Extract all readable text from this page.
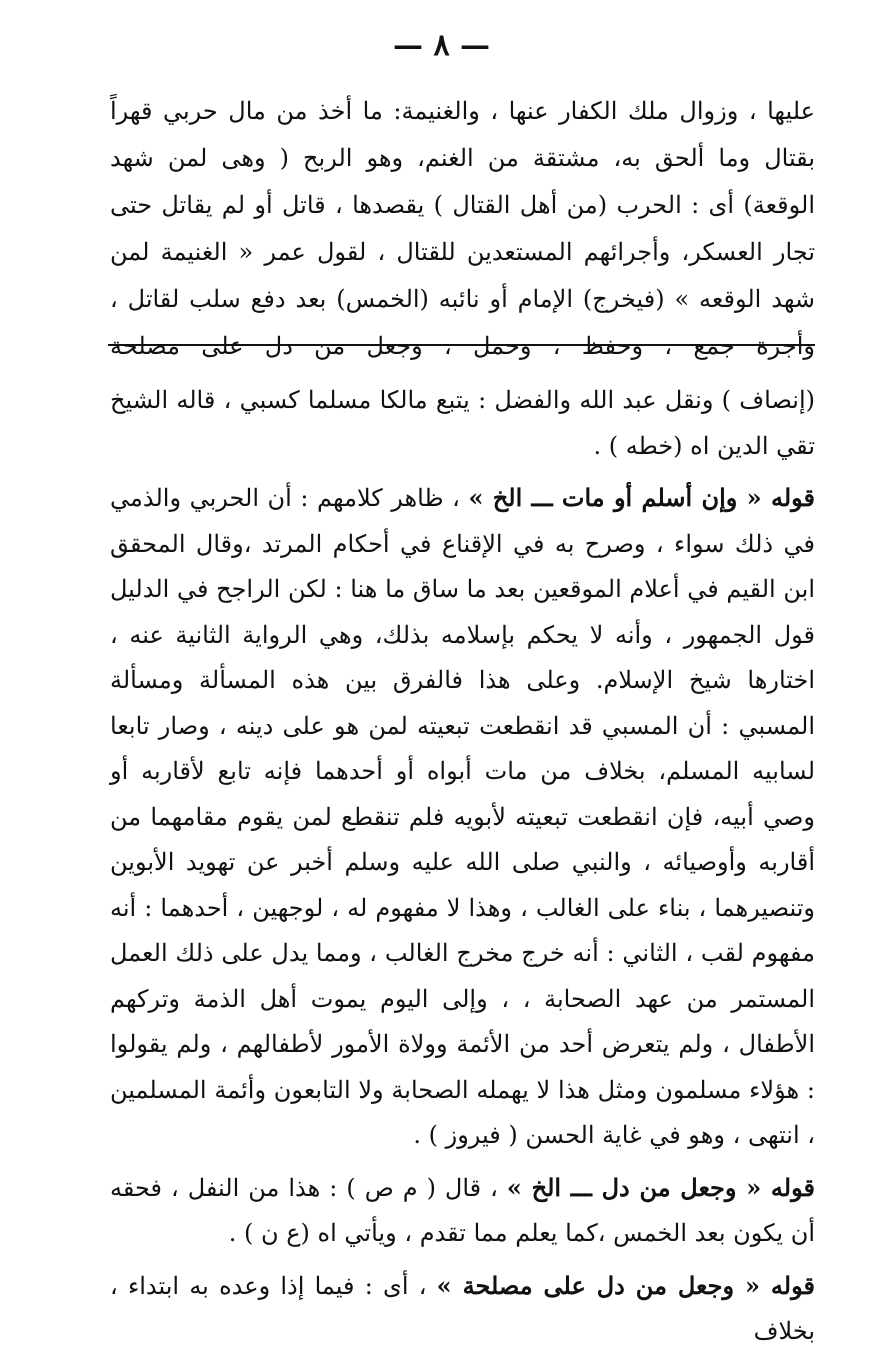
— ٨ —

عليها ، وزوال ملك الكفار عنها ، والغنيمة: ما أخذ من مال حربي قهراً بقتال وما ألحق به، مشتقة من الغنم، وهو الربح ( وهى لمن شهد الوقعة) أى : الحرب (من أهل القتال ) يقصدها ، قاتل أو لم يقاتل حتى تجار العسكر، وأجرائهم المستعدين للقتال ، لقول عمر « الغنيمة لمن شهد الوقعه » (فيخرج) الإمام أو نائبه (الخمس) بعد دفع سلب لقاتل ، وأجرة جمع ، وحفظ ، وحمل ، وجعل من دل على مصلحة

(إنصاف ) ونقل عبد الله والفضل : يتبع مالكا مسلما كسبي ، قاله الشيخ تقي الدين اه (خطه ) .

قوله « وإن أسلم أو مات ـــ الخ » ، ظاهر كلامهم : أن الحربي والذمي في ذلك سواء ، وصرح به في الإقناع في أحكام المرتد ،وقال المحقق ابن القيم في أعلام الموقعين بعد ما ساق ما هنا : لكن الراجح في الدليل قول الجمهور ، وأنه لا يحكم بإسلامه بذلك، وهي الرواية الثانية عنه ، اختارها شيخ الإسلام. وعلى هذا فالفرق بين هذه المسألة ومسألة المسبي : أن المسبي قد انقطعت تبعيته لمن هو على دينه ، وصار تابعا لسابيه المسلم، بخلاف من مات أبواه أو أحدهما فإنه تابع لأقاربه أو وصي أبيه، فإن انقطعت تبعيته لأبويه فلم تنقطع لمن يقوم مقامهما من أقاربه وأوصيائه ، والنبي صلى الله عليه وسلم أخبر عن تهويد الأبوين وتنصيرهما ، بناء على الغالب ، وهذا لا مفهوم له ، لوجهين ، أحدهما : أنه مفهوم لقب ، الثاني : أنه خرج مخرج الغالب ، ومما يدل على ذلك العمل المستمر من عهد الصحابة ، ، وإلى اليوم يموت أهل الذمة وتركهم الأطفال ، ولم يتعرض أحد من الأئمة وولاة الأمور لأطفالهم ، ولم يقولوا : هؤلاء مسلمون ومثل هذا لا يهمله الصحابة ولا التابعون وأئمة المسلمين ، انتهى ، وهو في غاية الحسن ( فيروز ) .

قوله « وجعل من دل ـــ الخ » ، قال ( م ص ) : هذا من النفل ، فحقه أن يكون بعد الخمس ،كما يعلم مما تقدم ، ويأتي اه (ع ن ) .

قوله « وجعل من دل على مصلحة » ، أى : فيما إذا وعده به ابتداء ، بخلاف
